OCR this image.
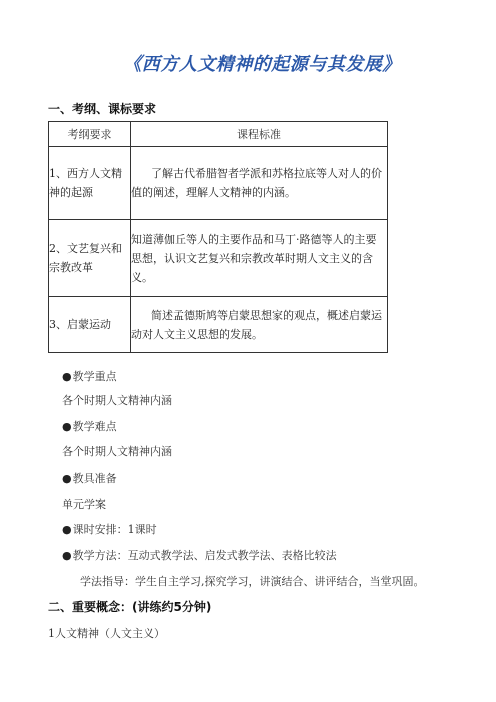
《西方人文精神的起源与其发展》
一、考纲、课标要求
考纲要求	课程标准

1、西方人文精神的起源	了解古代希腊智者学派和苏格拉底等人对人的价值的阐述，理解人文精神的内涵。

2、文艺复兴和宗教改革	知道薄伽丘等人的主要作品和马丁·路德等人的主要思想，认识文艺复兴和宗教改革时期人文主义的含义。

3、启蒙运动	简述孟德斯鸠等启蒙思想家的观点，概述启蒙运动对人文主义思想的发展。
● 教学重点
各个时期人文精神内涵
● 教学难点
各个时期人文精神内涵
● 教具准备
单元学案
● 课时安排：1课时
● 教学方法：互动式教学法、启发式教学法、表格比较法
学法指导：学生自主学习,探究学习，讲演结合、讲评结合，当堂巩固。
二、重要概念：(讲练约5分钟)
1人文精神（人文主义）
